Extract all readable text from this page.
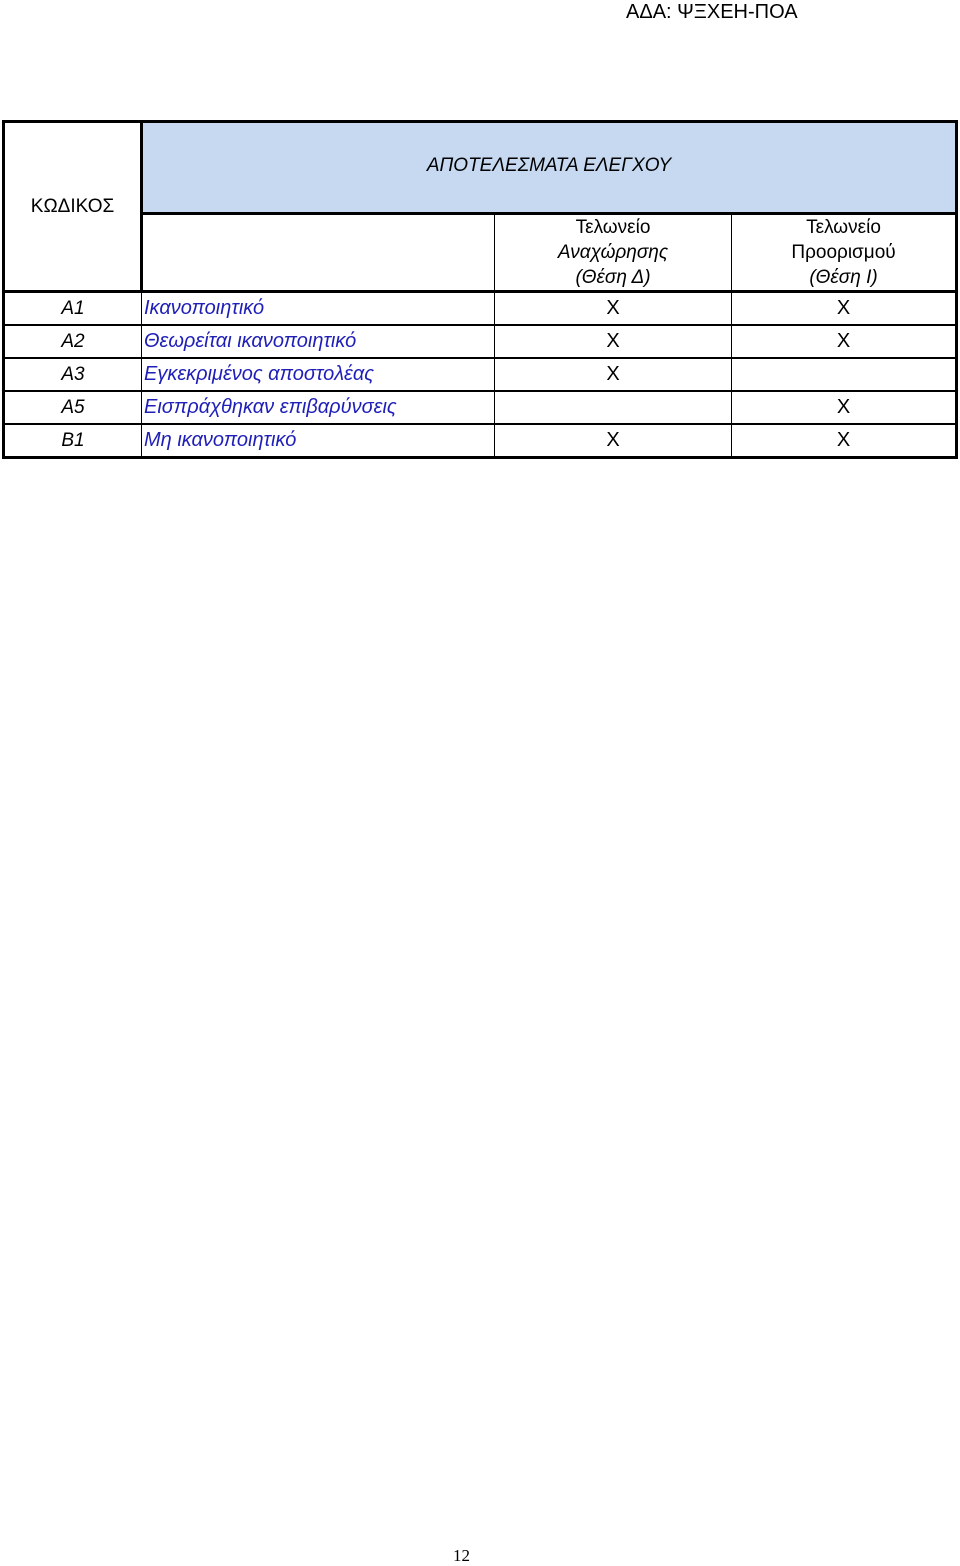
ΑΔΑ: ΨΞΧΕΗ-ΠΟΑ
ΚΩΔΙΚΟΣ	ΑΠΟΤΕΛΕΣΜΑΤΑ ΕΛΕΓΧΟΥ		

		Τελωνείο
Αναχώρησης
(Θέση Δ)	Τελωνείο
Προορισμού
(Θέση Ι)

Α1	Ικανοποιητικό	Χ	Χ
Α2	Θεωρείται ικανοποιητικό	Χ	Χ
Α3	Εγκεκριμένος αποστολέας	Χ	
Α5	Εισπράχθηκαν επιβαρύνσεις		Χ
Β1	Μη ικανοποιητικό	Χ	Χ
12
